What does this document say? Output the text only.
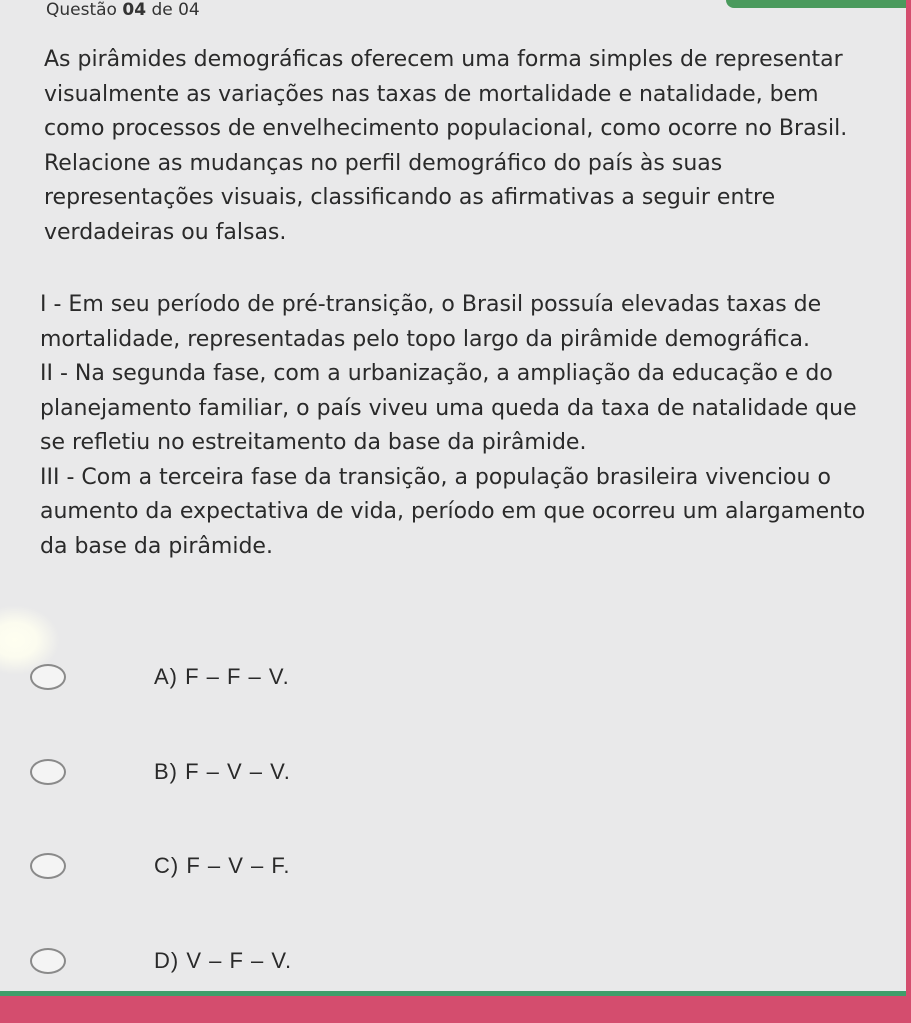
Questão 04 de 04
As pirâmides demográficas oferecem uma forma simples de representar visualmente as variações nas taxas de mortalidade e natalidade, bem como processos de envelhecimento populacional, como ocorre no Brasil. Relacione as mudanças no perfil demográfico do país às suas representações visuais, classificando as afirmativas a seguir entre verdadeiras ou falsas.
I - Em seu período de pré-transição, o Brasil possuía elevadas taxas de mortalidade, representadas pelo topo largo da pirâmide demográfica.
II - Na segunda fase, com a urbanização, a ampliação da educação e do planejamento familiar, o país viveu uma queda da taxa de natalidade que se refletiu no estreitamento da base da pirâmide.
III - Com a terceira fase da transição, a população brasileira vivenciou o aumento da expectativa de vida, período em que ocorreu um alargamento da base da pirâmide.
A) F – F – V.
B) F – V – V.
C) F – V – F.
D) V – F – V.
